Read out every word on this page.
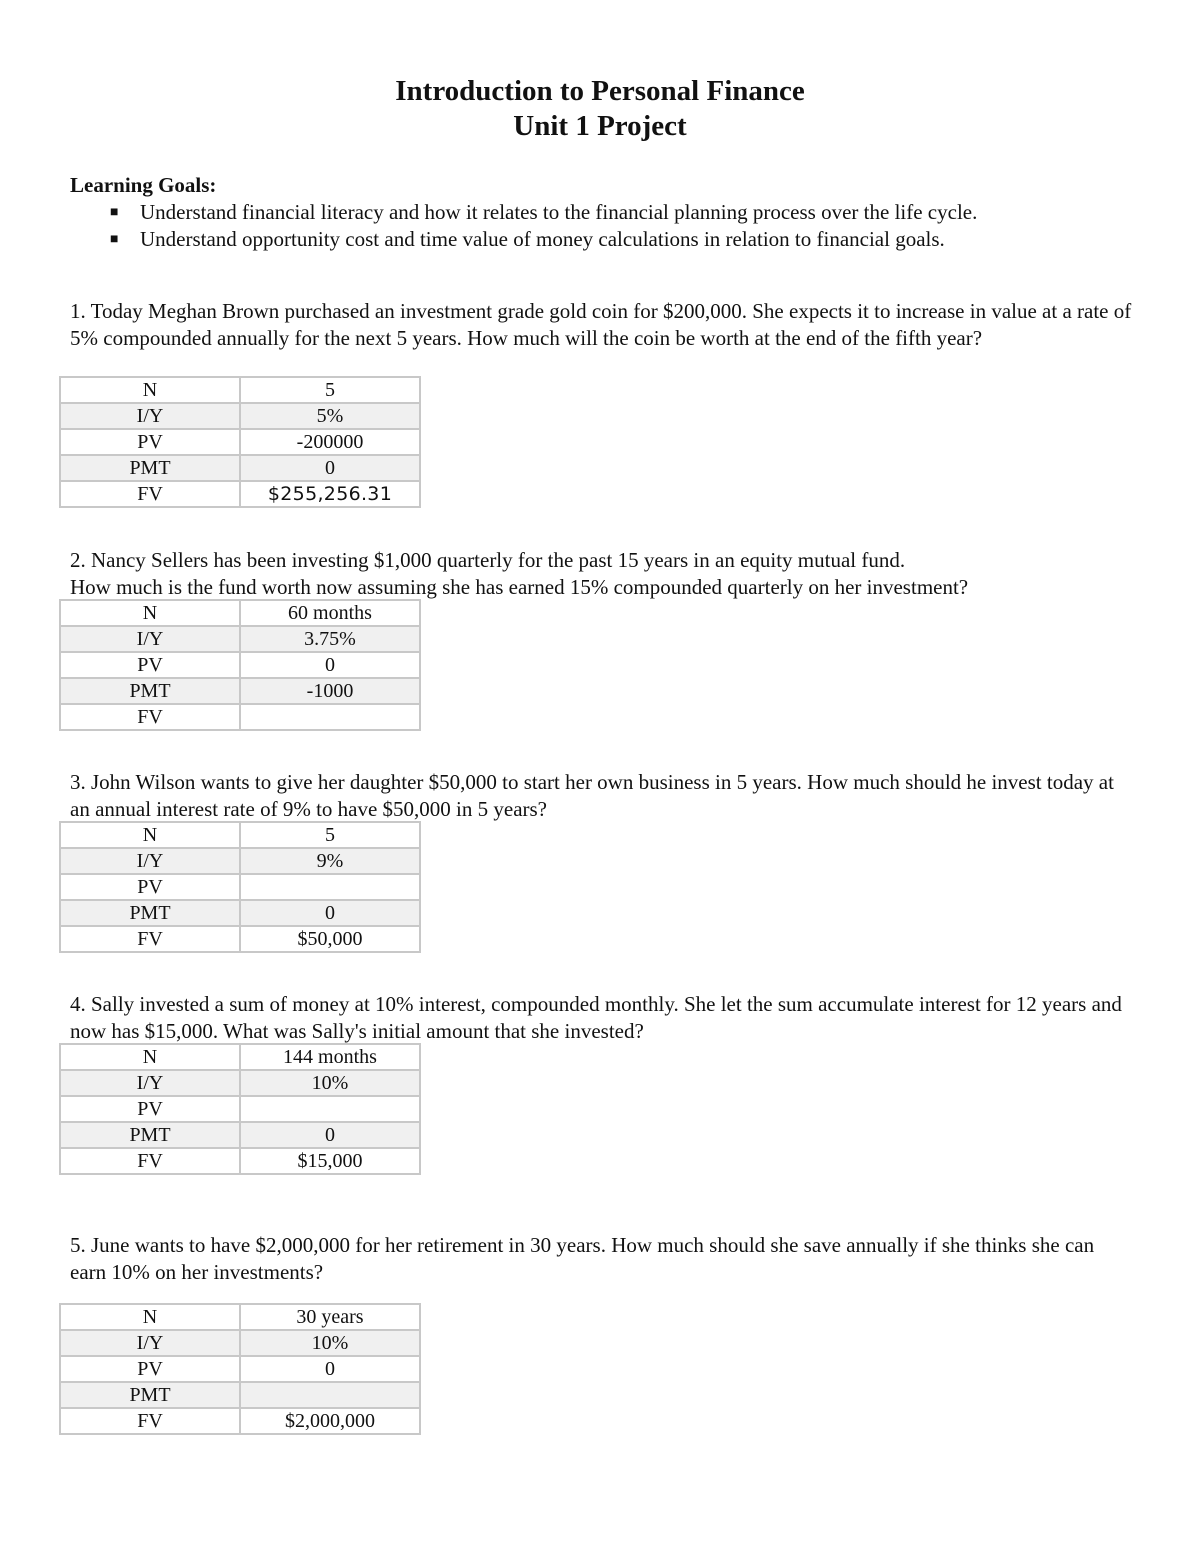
Introduction to Personal Finance
Unit 1 Project
Learning Goals:
■ Understand financial literacy and how it relates to the financial planning process over the life cycle.
■ Understand opportunity cost and time value of money calculations in relation to financial goals.
1. Today Meghan Brown purchased an investment grade gold coin for $200,000. She expects it to increase in value at a rate of 5% compounded annually for the next 5 years. How much will the coin be worth at the end of the fifth year?
N	5
I/Y	5%
PV	-200000
PMT	0
FV	$255,256.31
2. Nancy Sellers has been investing $1,000 quarterly for the past 15 years in an equity mutual fund.
How much is the fund worth now assuming she has earned 15% compounded quarterly on her investment?
N	60 months
I/Y	3.75%
PV	0
PMT	-1000
FV	
3. John Wilson wants to give her daughter $50,000 to start her own business in 5 years. How much should he invest today at an annual interest rate of 9% to have $50,000 in 5 years?
N	5
I/Y	9%
PV	
PMT	0
FV	$50,000
4. Sally invested a sum of money at 10% interest, compounded monthly. She let the sum accumulate interest for 12 years and now has $15,000. What was Sally's initial amount that she invested?
N	144 months
I/Y	10%
PV	
PMT	0
FV	$15,000
5. June wants to have $2,000,000 for her retirement in 30 years. How much should she save annually if she thinks she can earn 10% on her investments?
N	30 years
I/Y	10%
PV	0
PMT	
FV	$2,000,000
